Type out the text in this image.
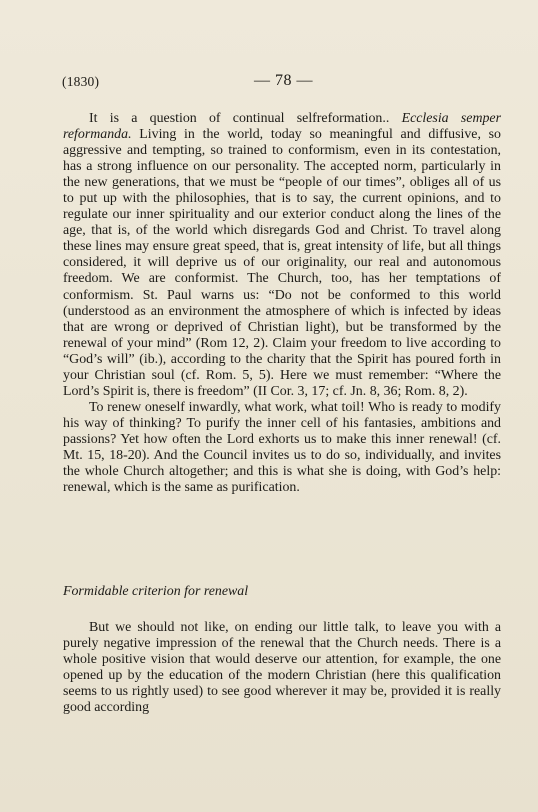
(1830)	— 78 —

It is a question of continual selfreformation.. Ecclesia semper reformanda. Living in the world, today so meaningful and diffusive, so aggressive and tempting, so trained to conformism, even in its contestation, has a strong influence on our personality. The accepted norm, particularly in the new generations, that we must be “people of our times”, obliges all of us to put up with the philosophies, that is to say, the current opinions, and to regulate our inner spirituality and our exterior conduct along the lines of the age, that is, of the world which disregards God and Christ. To travel along these lines may ensure great speed, that is, great intensity of life, but all things considered, it will deprive us of our originality, our real and autonomous freedom. We are conformist. The Church, too, has her temptations of conformism. St. Paul warns us: “Do not be conformed to this world (understood as an environment the atmosphere of which is infected by ideas that are wrong or deprived of Christian light), but be transformed by the renewal of your mind” (Rom 12, 2). Claim your freedom to live according to “God’s will” (ib.), according to the charity that the Spirit has poured forth in your Christian soul (cf. Rom. 5, 5). Here we must remember: “Where the Lord’s Spirit is, there is freedom” (II Cor. 3, 17; cf. Jn. 8, 36; Rom. 8, 2).

To renew oneself inwardly, what work, what toil! Who is ready to modify his way of thinking? To purify the inner cell of his fantasies, ambitions and passions? Yet how often the Lord exhorts us to make this inner renewal! (cf. Mt. 15, 18-20). And the Council invites us to do so, individually, and invites the whole Church altogether; and this is what she is doing, with God’s help: renewal, which is the same as purification.

Formidable criterion for renewal

But we should not like, on ending our little talk, to leave you with a purely negative impression of the renewal that the Church needs. There is a whole positive vision that would deserve our attention, for example, the one opened up by the education of the modern Christian (here this qualification seems to us rightly used) to see good wherever it may be, provided it is really good according
